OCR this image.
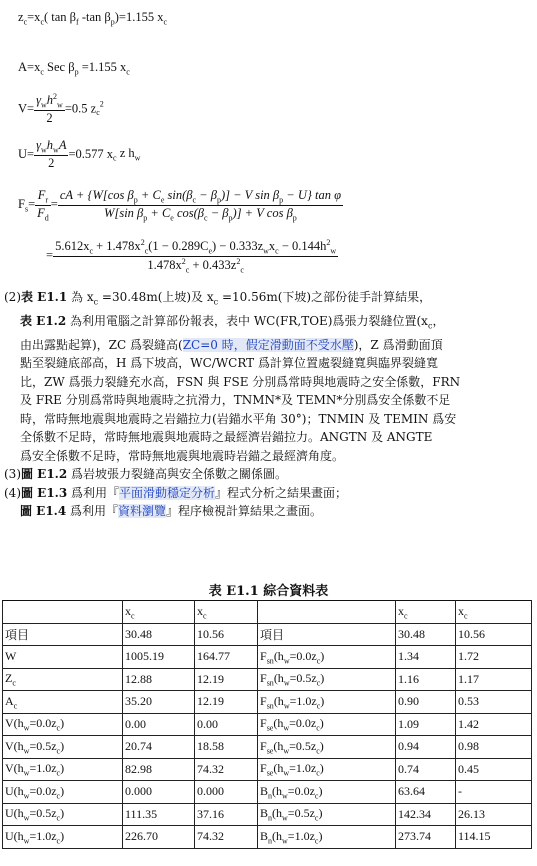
$z_c=x_c$( $\tan \beta_f$ -tan $\beta_p)=1.155$ $x_c$
$A=x_c$ Sec $\beta_p =1.155$ $x_c$
$V= \frac{\gamma_wh^2_w}{2} =0.5$ $z_c^2$
$U= \frac{\gamma_wh_wA}{2} =0.577$ $x_c$ z $h_w$
$F_s= \frac{F_r}{F_d} = \frac{cA + \{W[\cos \beta_p + C_e \sin(\beta_c - \beta_p)] - V \sin \beta_p - U\} \tan \varphi}{W[\sin \beta_p + C_e \cos(\beta_c - \beta_p)] + V \cos \beta_p}$
= $\frac{5.612x_c + 1.478x^2_c(1 - 0.289C_e) - 0.333z_wx_c - 0.144h^2_w}{1.478x^2_c + 0.433z^2_c}$
(2)表 E1.1 為 $x_c =30.48m$(上坡)及 $x_c =10.56m$(下坡)之部份徒手計算結果，
表 E1.2 為利用電腦之計算部份報表，表中 WC(FR,TOE)爲張力裂縫位置($x_c$，
由出露點起算)，ZC 爲裂縫高(ZC=0 時，假定滑動面不受水壓)，Z 爲滑動面頂
點至裂縫底部高，H 爲下坡高，WC/WCRT 爲計算位置處裂縫寬與臨界裂縫寬
比，ZW 爲張力裂縫充水高，FSN 與 FSE 分別爲常時與地震時之安全係數，FRN
及 FRE 分別爲常時與地震時之抗滑力，TNMN*及 TEMN*分別爲安全係數不足
時，常時無地震與地震時之岩錨拉力(岩錨水平角 30°)；TNMIN 及 TEMIN 爲安
全係數不足時，常時無地震與地震時之最經濟岩錨拉力。ANGTN 及 ANGTE
爲安全係數不足時，常時無地震與地震時岩錨之最經濟角度。
(3)圖 E1.2 爲岩坡張力裂縫高與安全係數之關係圖。
(4)圖 E1.3 爲利用『平面滑動穩定分析』程式分析之結果畫面；
圖 E1.4 爲利用『資料瀏覽』程序檢視計算結果之畫面。
表 E1.1 綜合資料表
	$x_c$	$x_c$		$x_c$	$x_c$
項目	30.48	10.56	項目	30.48	10.56
W	1005.19	164.77	$F_{sn}(h_w=0.0z_c)$	1.34	1.72
$Z_c$	12.88	12.19	$F_{sn}(h_w=0.5z_c)$	1.16	1.17
$A_c$	35.20	12.19	$F_{sn}(h_w=1.0z_c)$	0.90	0.53
$V(h_w=0.0z_c)$	0.00	0.00	$F_{se}(h_w=0.0z_c)$	1.09	1.42
$V(h_w=0.5z_c)$	20.74	18.58	$F_{se}(h_w=0.5z_c)$	0.94	0.98
$V(h_w=1.0z_c)$	82.98	74.32	$F_{se}(h_w=1.0z_c)$	0.74	0.45
$U(h_w=0.0z_c)$	0.000	0.000	$B_n(h_w=0.0z_c)$	63.64	-
$U(h_w=0.5z_c)$	111.35	37.16	$B_n(h_w=0.5z_c)$	142.34	26.13
$U(h_w=1.0z_c)$	226.70	74.32	$B_n(h_w=1.0z_c)$	273.74	114.15
